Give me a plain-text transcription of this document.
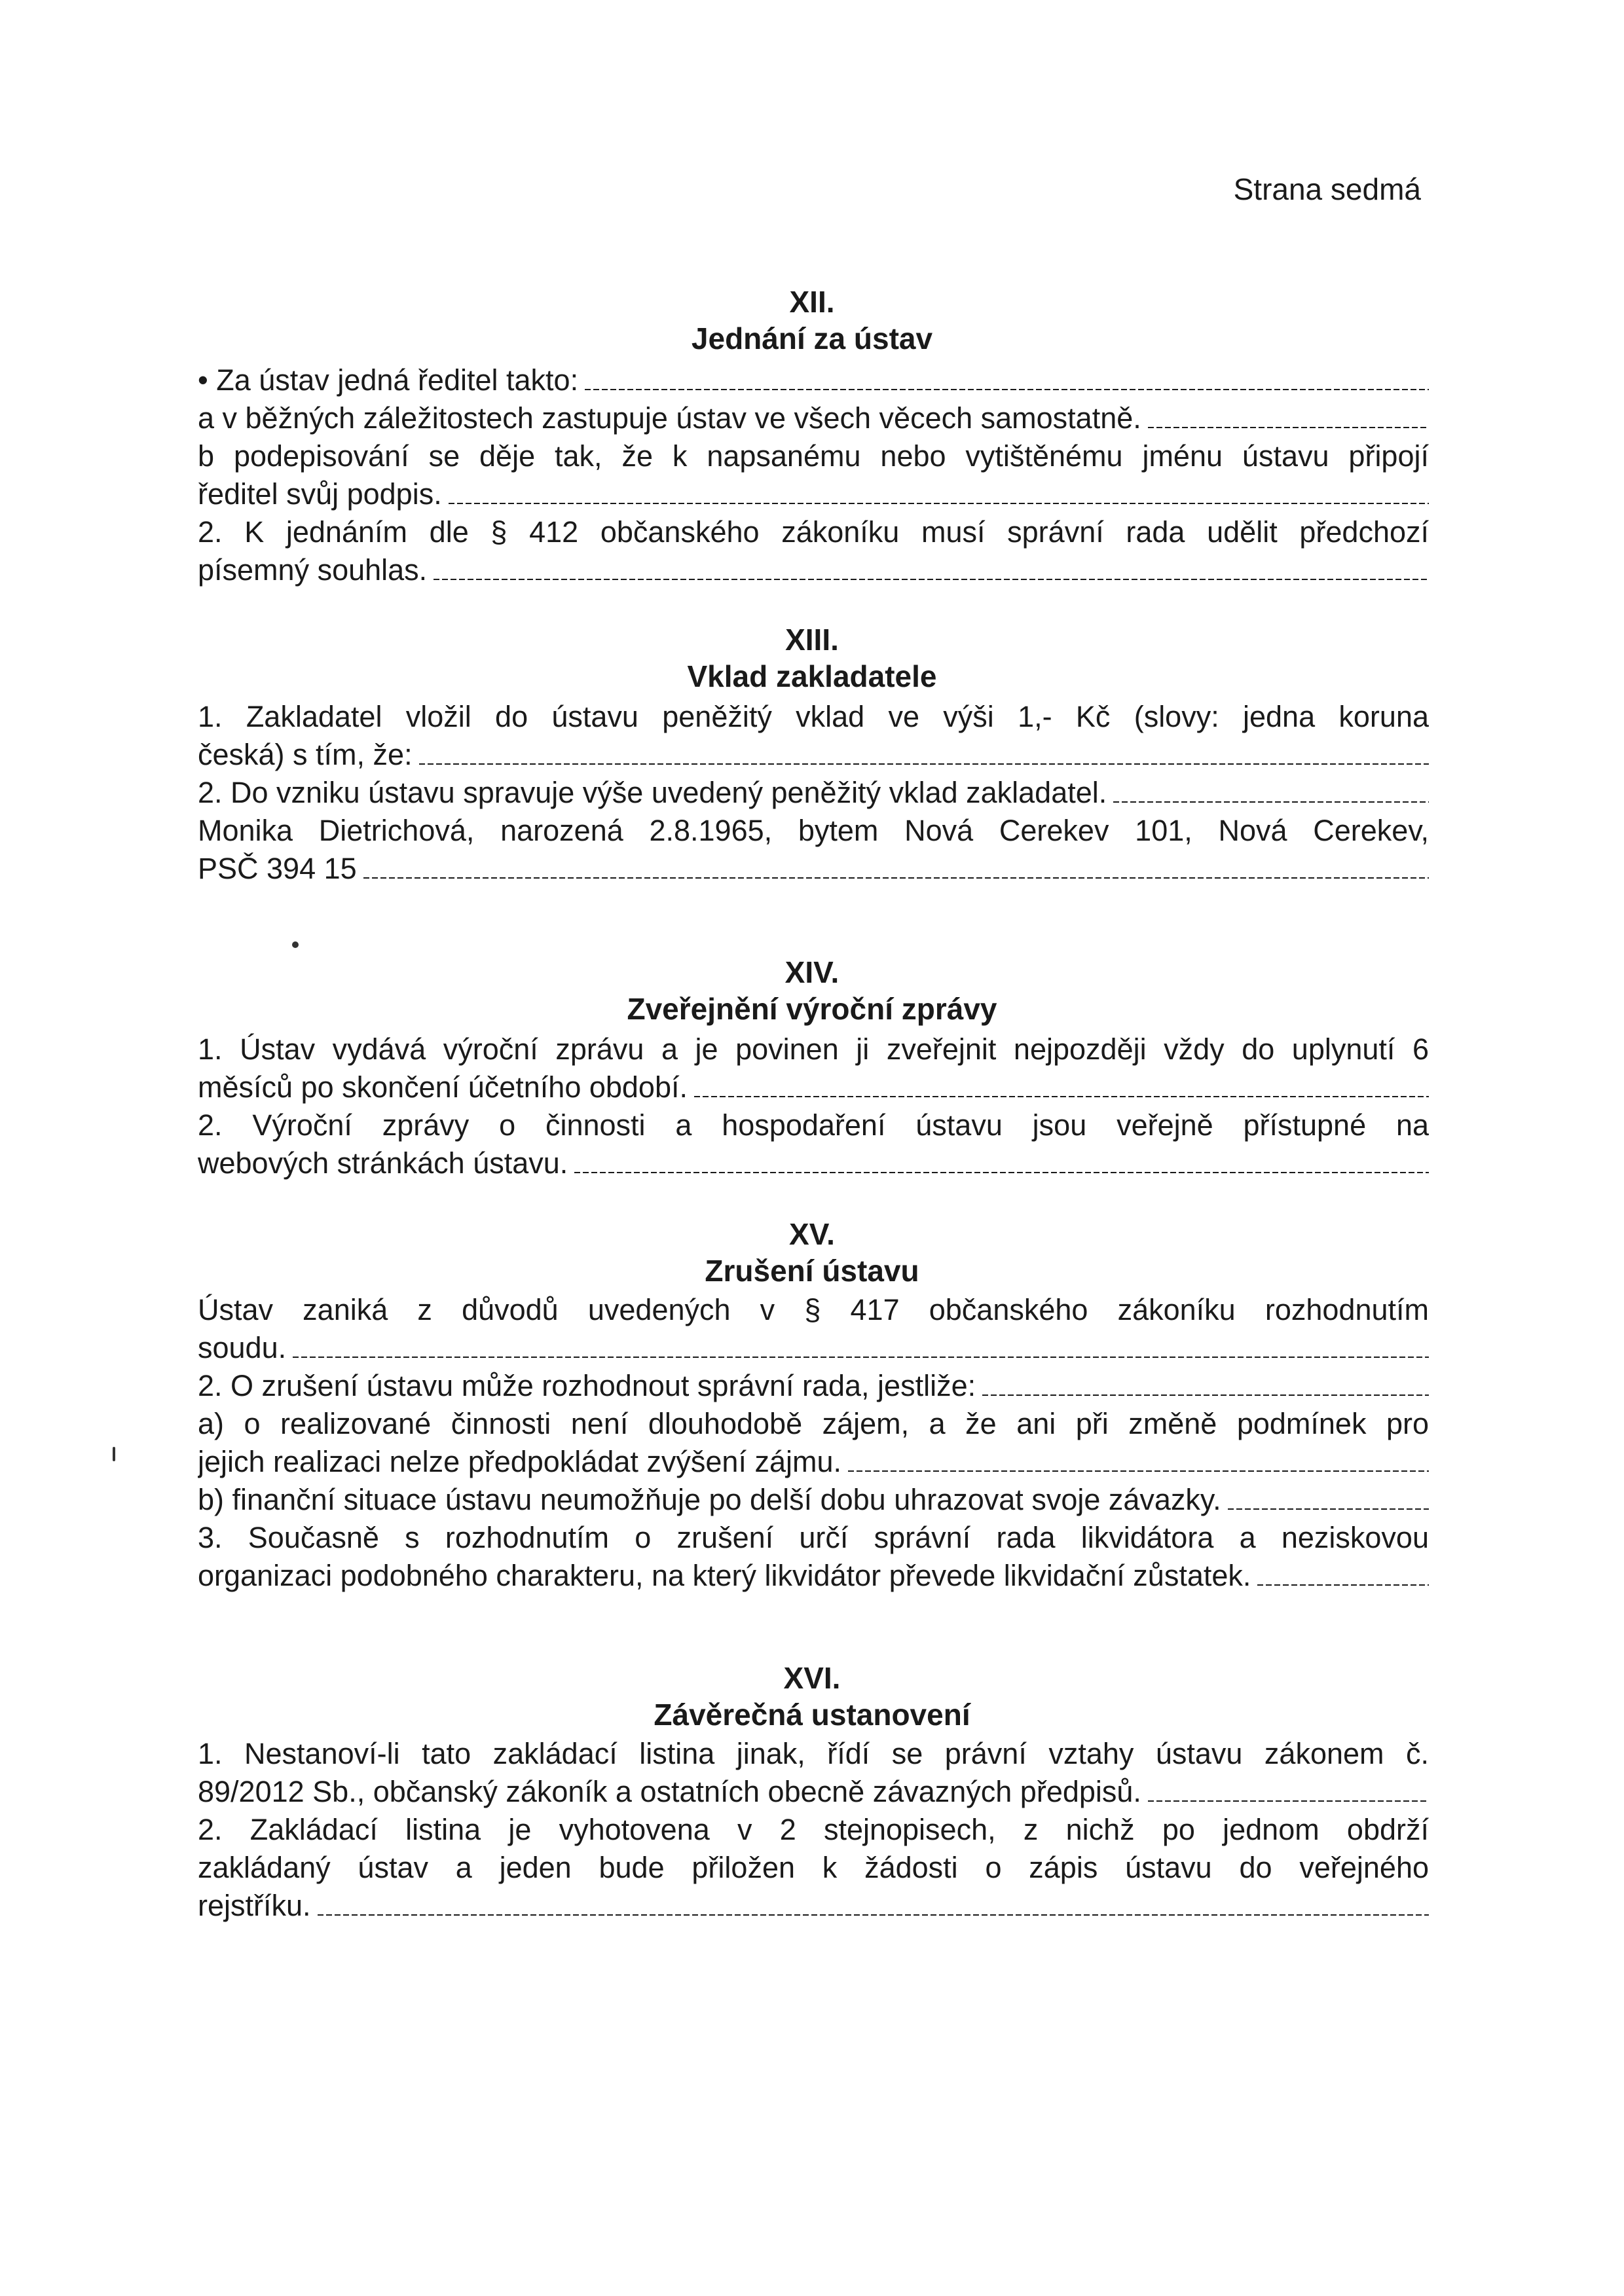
Strana sedmá
XII.
Jednání za ústav
• Za ústav jedná ředitel takto:
a v běžných záležitostech zastupuje ústav ve všech věcech samostatně.
b podepisování se děje tak, že k napsanému nebo vytištěnému jménu ústavu připojí
ředitel svůj podpis.
2. K jednáním dle § 412 občanského zákoníku musí správní rada udělit předchozí
písemný souhlas.
XIII.
Vklad zakladatele
1. Zakladatel vložil do ústavu peněžitý vklad ve výši 1,- Kč (slovy: jedna koruna
česká) s tím, že:
2. Do vzniku ústavu spravuje výše uvedený peněžitý vklad zakladatel.
Monika Dietrichová, narozená 2.8.1965, bytem Nová Cerekev 101, Nová Cerekev,
PSČ 394 15
XIV.
Zveřejnění výroční zprávy
1. Ústav vydává výroční zprávu a je povinen ji zveřejnit nejpozději vždy do uplynutí 6
měsíců po skončení účetního období.
2. Výroční zprávy o činnosti a hospodaření ústavu jsou veřejně přístupné na
webových stránkách ústavu.
XV.
Zrušení ústavu
Ústav zaniká z důvodů uvedených v § 417 občanského zákoníku rozhodnutím
soudu.
2. O zrušení ústavu může rozhodnout správní rada, jestliže:
a) o realizované činnosti není dlouhodobě zájem, a že ani při změně podmínek pro
jejich realizaci nelze předpokládat zvýšení zájmu.
b) finanční situace ústavu neumožňuje po delší dobu uhrazovat svoje závazky.
3. Současně s rozhodnutím o zrušení určí správní rada likvidátora a neziskovou
organizaci podobného charakteru, na který likvidátor převede likvidační zůstatek.
XVI.
Závěrečná ustanovení
1. Nestanoví-li tato zakládací listina jinak, řídí se právní vztahy ústavu zákonem č.
89/2012 Sb., občanský zákoník a ostatních obecně závazných předpisů.
2. Zakládací listina je vyhotovena v 2 stejnopisech, z nichž po jednom obdrží
zakládaný ústav a jeden bude přiložen k žádosti o zápis ústavu do veřejného
rejstříku.
